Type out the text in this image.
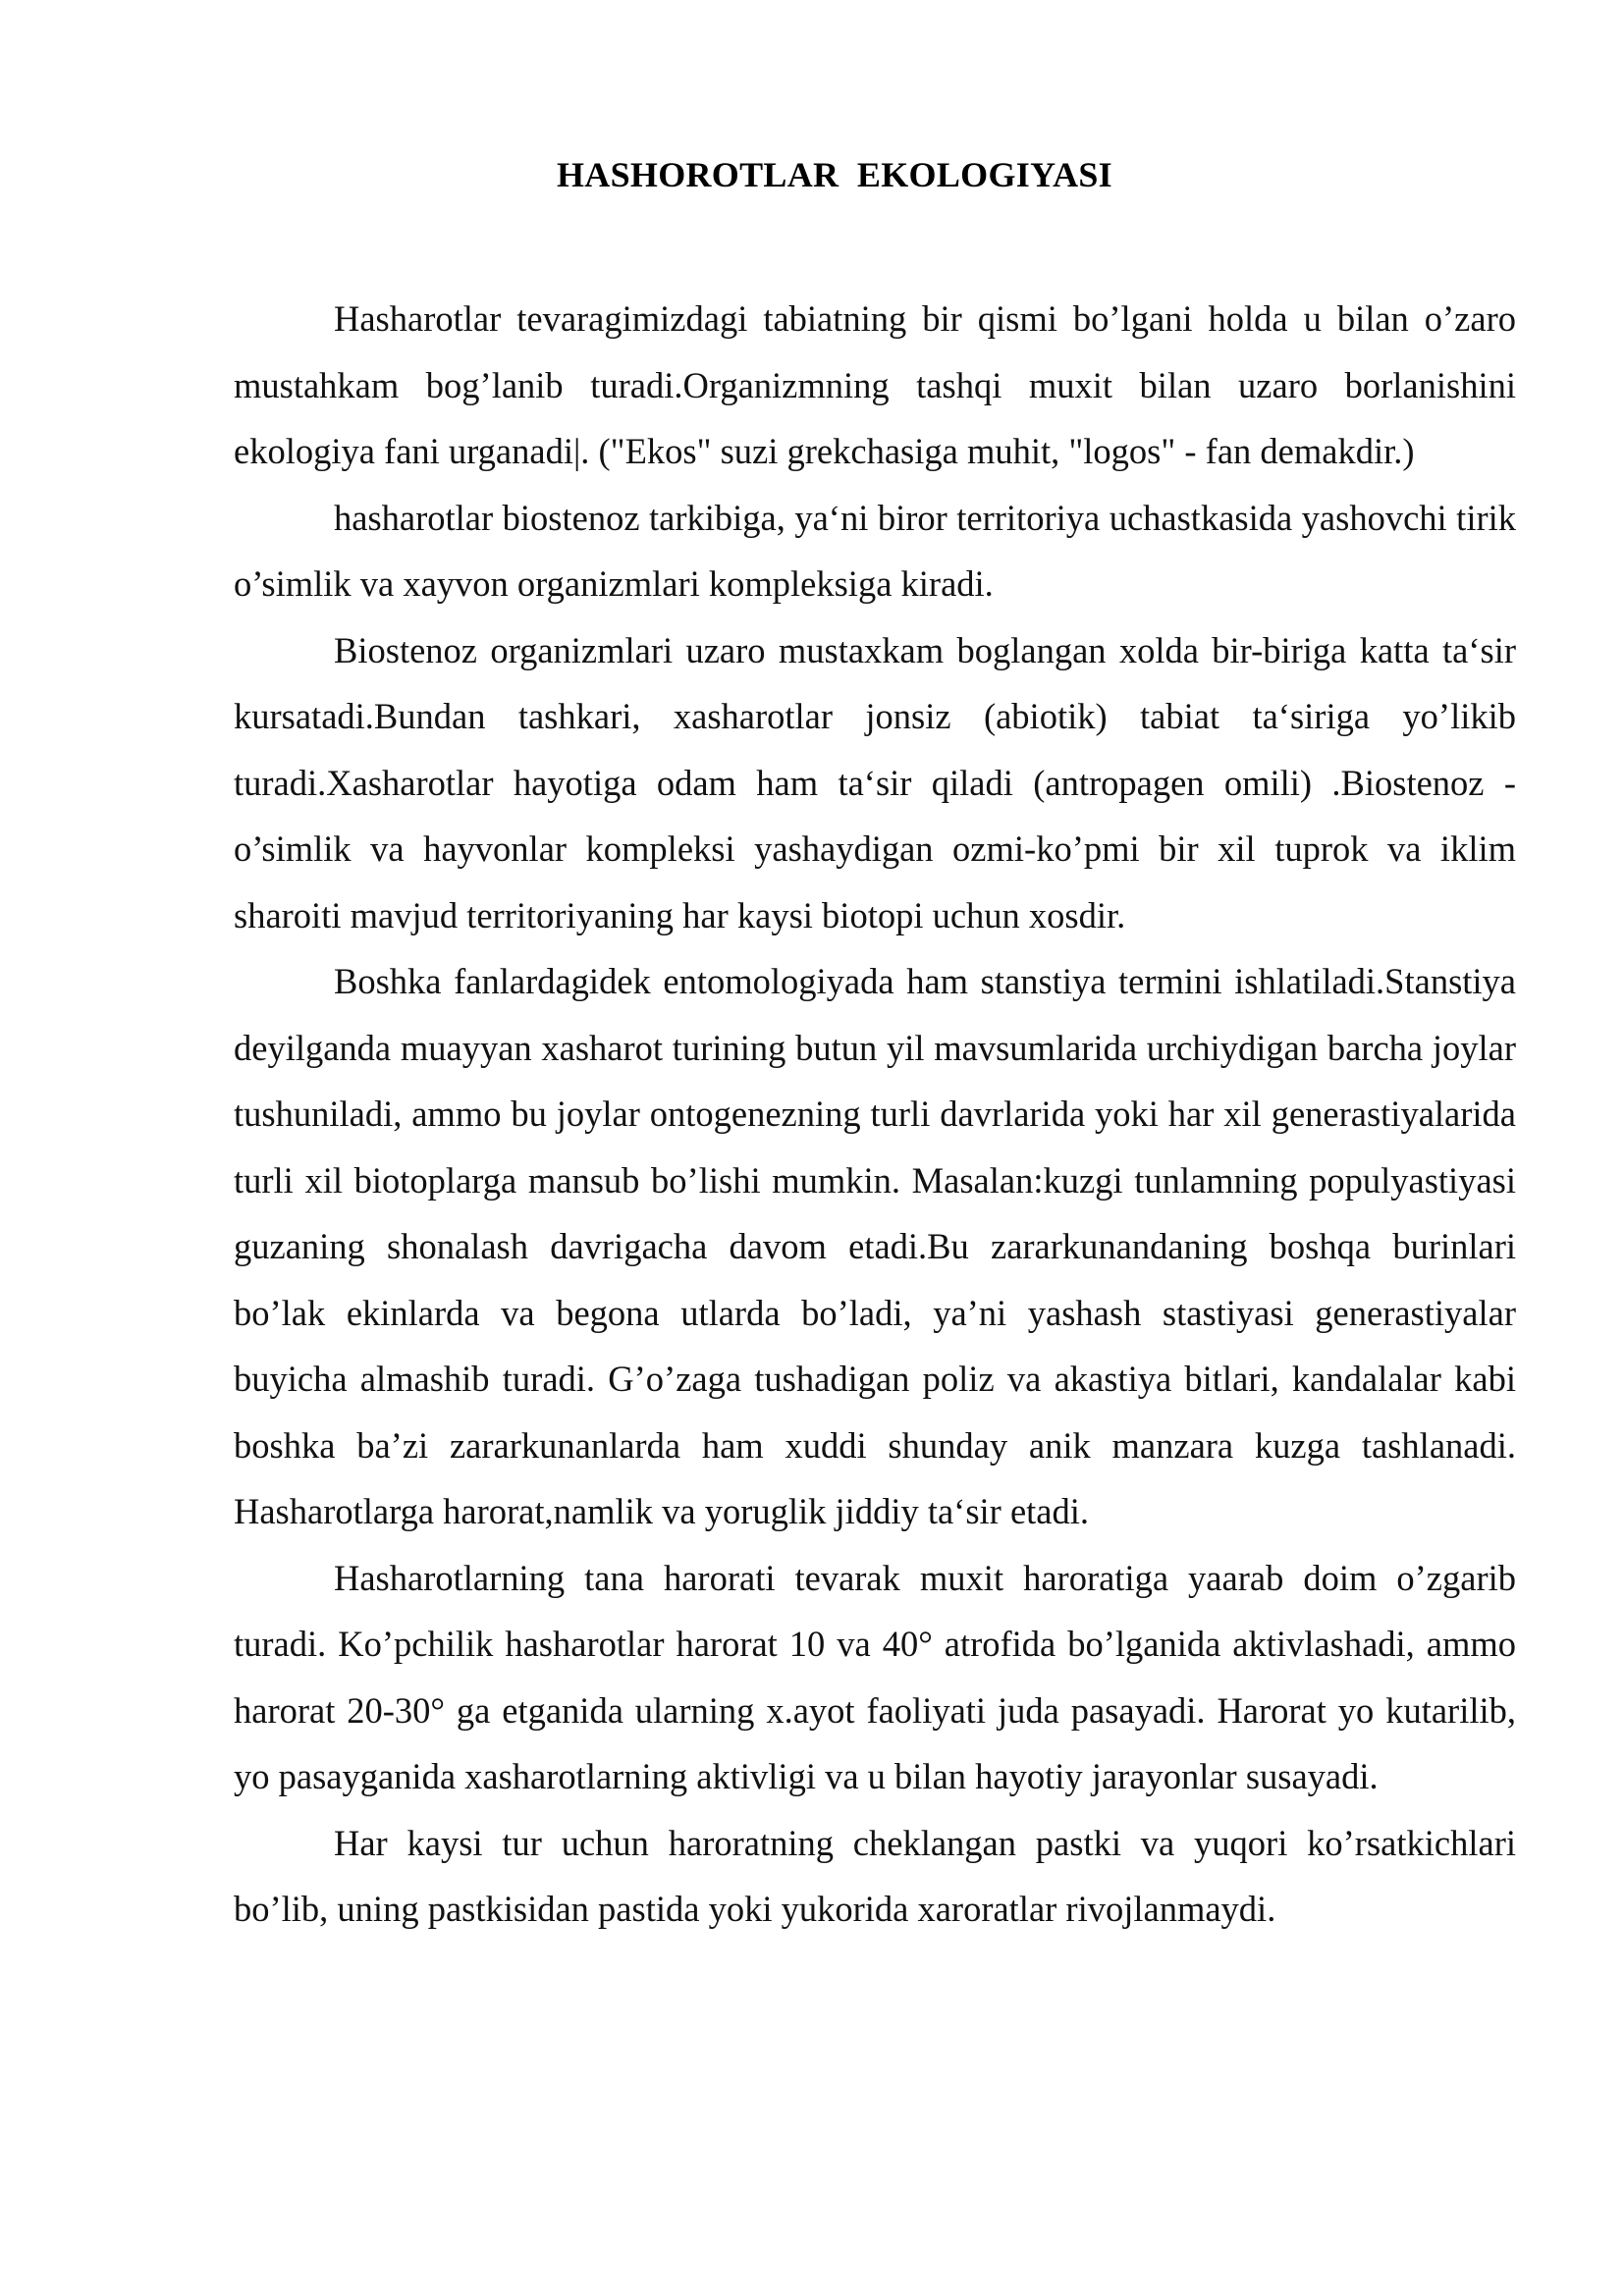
HASHOROTLAR  EKOLOGIYASI

Hasharotlar tevaragimizdagi tabiatning bir qismi bo’lgani holda u bilan o’zaro mustahkam bog’lanib turadi.Organizmning tashqi muxit bilan uzaro borlanishini ekologiya fani urganadi|. ("Ekos" suzi grekchasiga muhit, "logos" - fan demakdir.)

hasharotlar biostenoz tarkibiga, ya‘ni biror territoriya uchastkasida yashovchi tirik o’simlik va xayvon organizmlari kompleksiga kiradi.

Biostenoz organizmlari uzaro mustaxkam boglangan xolda bir-biriga katta ta‘sir kursatadi.Bundan tashkari, xasharotlar jonsiz (abiotik) tabiat ta‘siriga yo’likib turadi.Xasharotlar hayotiga odam ham ta‘sir qiladi (antropagen omili) .Biostenoz - o’simlik va hayvonlar kompleksi yashaydigan ozmi-ko’pmi bir xil tuprok va iklim sharoiti mavjud territoriyaning har kaysi biotopi uchun xosdir.

Boshka fanlardagidek entomologiyada ham stanstiya termini ishlatiladi.Stanstiya deyilganda muayyan xasharot turining butun yil mavsumlarida urchiydigan barcha joylar tushuniladi, ammo bu joylar ontogenezning turli davrlarida yoki har xil generastiyalarida turli xil biotoplarga mansub bo’lishi mumkin. Masalan:kuzgi tunlamning populyastiyasi guzaning shonalash davrigacha davom etadi.Bu zararkunandaning boshqa burinlari bo’lak ekinlarda va begona utlarda bo’ladi, ya’ni yashash stastiyasi generastiyalar buyicha almashib turadi. G’o’zaga tushadigan poliz va akastiya bitlari, kandalalar kabi boshka ba’zi zararkunanlarda ham xuddi shunday anik manzara kuzga tashlanadi. Hasharotlarga harorat,namlik va yoruglik jiddiy ta‘sir etadi.

Hasharotlarning tana harorati tevarak muxit haroratiga yaarab doim o’zgarib turadi. Ko’pchilik hasharotlar harorat 10 va 40° atrofida bo’lganida aktivlashadi, ammo harorat 20-30° ga etganida ularning x.ayot faoliyati juda pasayadi. Harorat yo kutarilib, yo pasayganida xasharotlarning aktivligi va u bilan hayotiy jarayonlar susayadi.

Har kaysi tur uchun haroratning cheklangan pastki va yuqori ko’rsatkichlari bo’lib, uning pastkisidan pastida yoki yukorida xaroratlar rivojlanmaydi.
